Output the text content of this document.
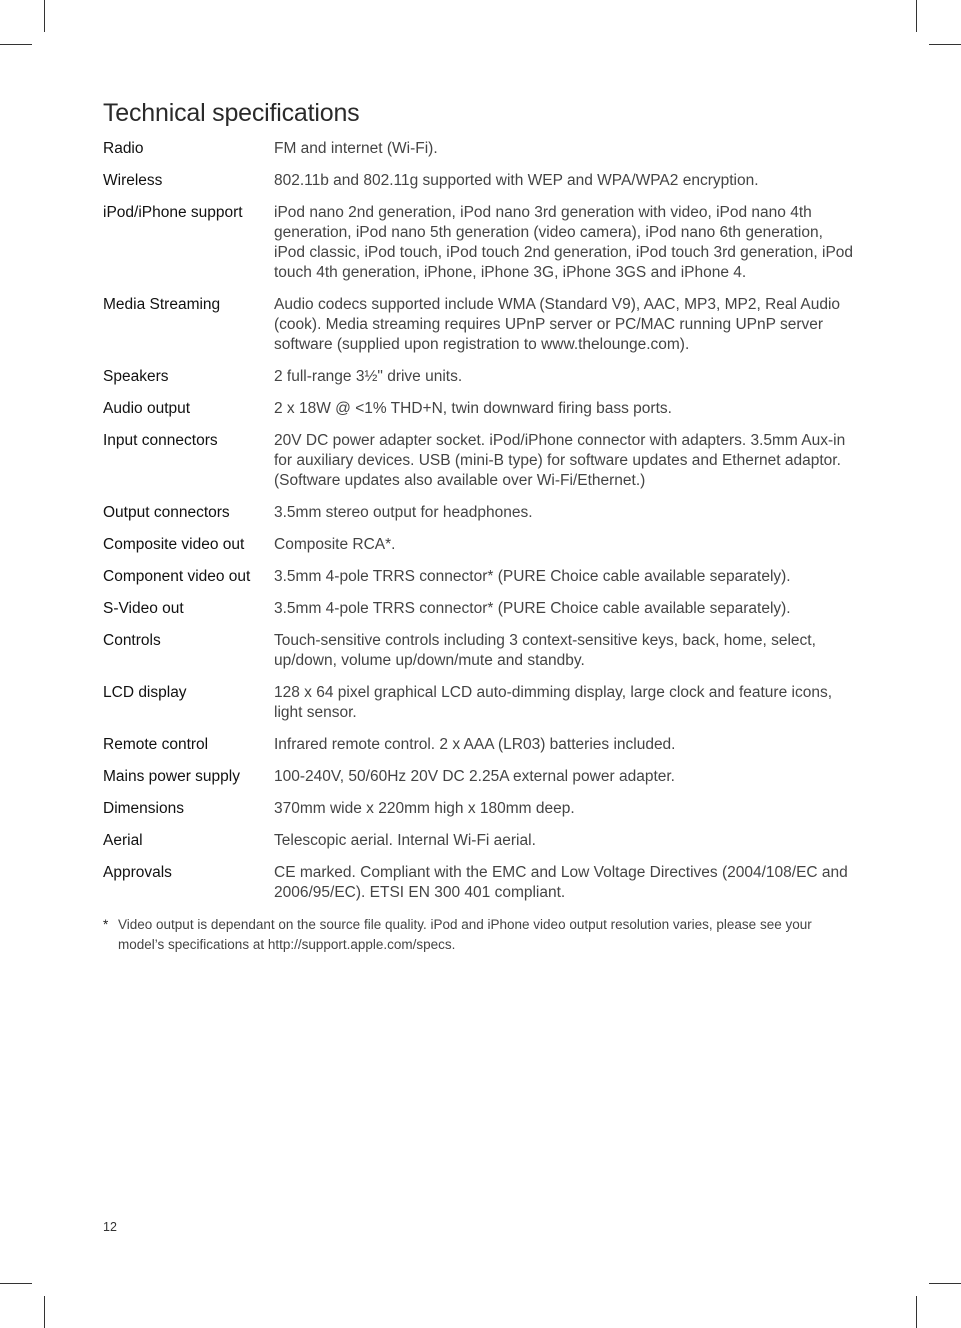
Technical specifications
Radio	FM and internet (Wi-Fi).
Wireless	802.11b and 802.11g supported with WEP and WPA/WPA2 encryption.
iPod/iPhone support	iPod nano 2nd generation, iPod nano 3rd generation with video, iPod nano 4th generation, iPod nano 5th generation (video camera), iPod nano 6th generation, iPod classic, iPod touch, iPod touch 2nd generation, iPod touch 3rd generation, iPod touch 4th generation, iPhone, iPhone 3G, iPhone 3GS and iPhone 4.
Media Streaming	Audio codecs supported include WMA (Standard V9), AAC, MP3, MP2, Real Audio (cook). Media streaming requires UPnP server or PC/MAC running UPnP server software (supplied upon registration to www.thelounge.com).
Speakers	2 full-range 3½" drive units.
Audio output	2 x 18W @ <1% THD+N, twin downward firing bass ports.
Input connectors	20V DC power adapter socket. iPod/iPhone connector with adapters. 3.5mm Aux-in for auxiliary devices. USB (mini-B type) for software updates and Ethernet adaptor. (Software updates also available over Wi-Fi/Ethernet.)
Output connectors	3.5mm stereo output for headphones.
Composite video out	Composite RCA*.
Component video out	3.5mm 4-pole TRRS connector* (PURE Choice cable available separately).
S-Video out	3.5mm 4-pole TRRS connector* (PURE Choice cable available separately).
Controls	Touch-sensitive controls including 3 context-sensitive keys, back, home, select, up/down, volume up/down/mute and standby.
LCD display	128 x 64 pixel graphical LCD auto-dimming display, large clock and feature icons, light sensor.
Remote control	Infrared remote control. 2 x AAA (LR03) batteries included.
Mains power supply	100-240V, 50/60Hz 20V DC 2.25A external power adapter.
Dimensions	370mm wide x 220mm high x 180mm deep.
Aerial	Telescopic aerial. Internal Wi-Fi aerial.
Approvals	CE marked. Compliant with the EMC and Low Voltage Directives (2004/108/EC and 2006/95/EC). ETSI EN 300 401 compliant.
* Video output is dependant on the source file quality. iPod and iPhone video output resolution varies, please see your model’s specifications at http://support.apple.com/specs.
12
